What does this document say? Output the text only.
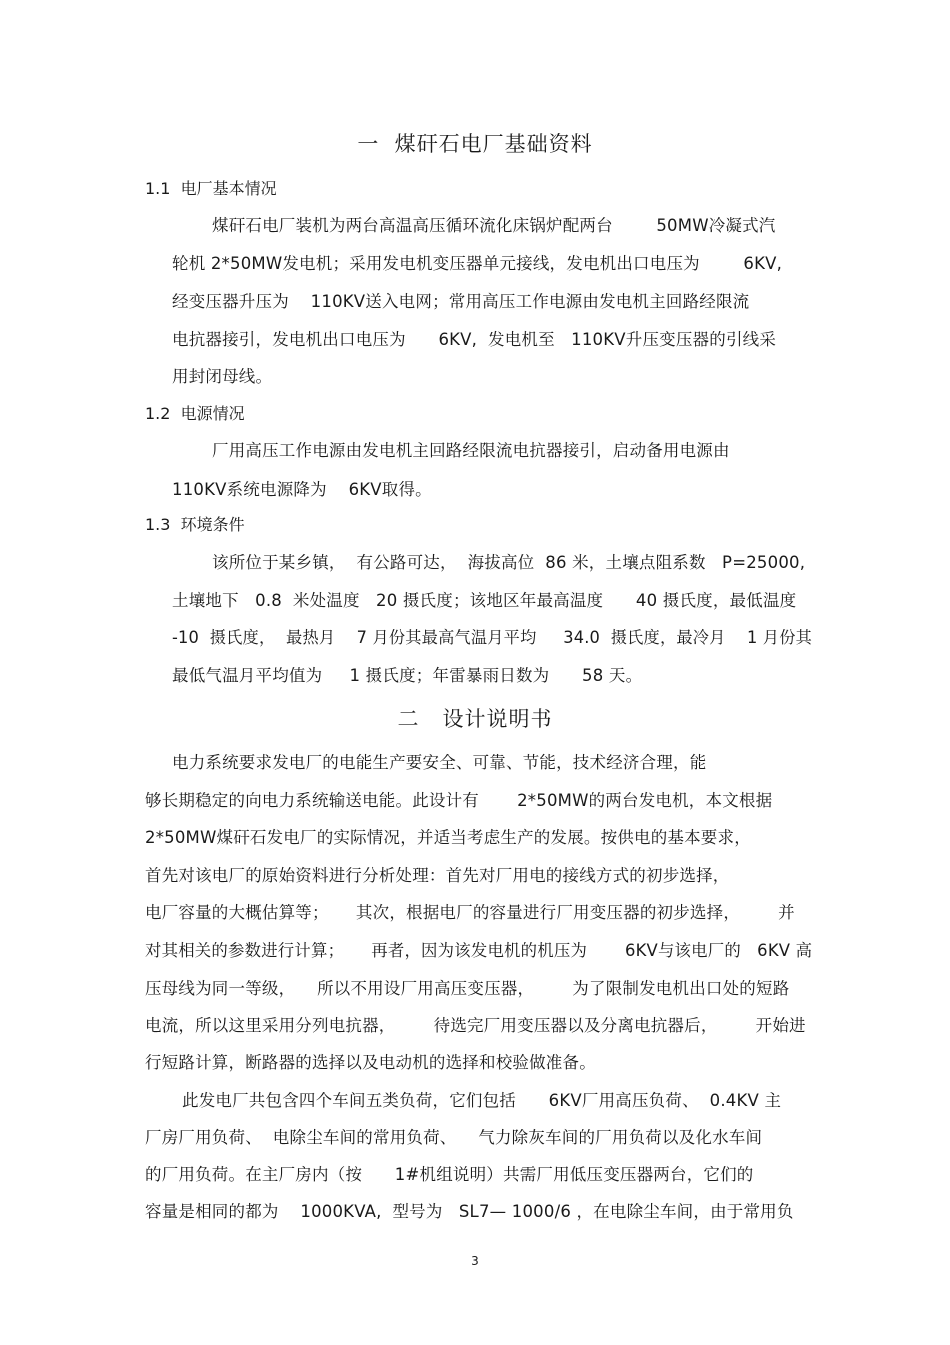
一  煤矸石电厂基础资料
1.1  电厂基本情况
煤矸石电厂装机为两台高温高压循环流化床锅炉配两台        50MW冷凝式汽
轮机 2*50MW发电机；采用发电机变压器单元接线，发电机出口电压为        6KV,
经变压器升压为    110KV送入电网；常用高压工作电源由发电机主回路经限流
电抗器接引，发电机出口电压为      6KV,  发电机至   110KV升压变压器的引线采
用封闭母线。
1.2  电源情况
厂用高压工作电源由发电机主回路经限流电抗器接引，启动备用电源由
110KV系统电源降为    6KV取得。
1.3  环境条件
该所位于某乡镇，  有公路可达，  海拔高位  86 米，土壤点阻系数   P=25000,
土壤地下   0.8  米处温度   20 摄氏度；该地区年最高温度      40 摄氏度，最低温度
-10  摄氏度，  最热月    7 月份其最高气温月平均     34.0  摄氏度，最冷月    1 月份其
最低气温月平均值为     1 摄氏度；年雷暴雨日数为      58 天。
二   设计说明书
电力系统要求发电厂的电能生产要安全、可靠、节能，技术经济合理，能
够长期稳定的向电力系统输送电能。此设计有       2*50MW的两台发电机，本文根据
2*50MW煤矸石发电厂的实际情况，并适当考虑生产的发展。按供电的基本要求，
首先对该电厂的原始资料进行分析处理：首先对厂用电的接线方式的初步选择，
电厂容量的大概估算等；     其次，根据电厂的容量进行厂用变压器的初步选择，       并
对其相关的参数进行计算；     再者，因为该发电机的机压为       6KV与该电厂的   6KV 高
压母线为同一等级，    所以不用设厂用高压变压器，       为了限制发电机出口处的短路
电流，所以这里采用分列电抗器，       待选完厂用变压器以及分离电抗器后，       开始进
行短路计算，断路器的选择以及电动机的选择和校验做准备。
此发电厂共包含四个车间五类负荷，它们包括      6KV厂用高压负荷、  0.4KV 主
厂房厂用负荷、  电除尘车间的常用负荷、    气力除灰车间的厂用负荷以及化水车间
的厂用负荷。在主厂房内（按      1#机组说明）共需厂用低压变压器两台，它们的
容量是相同的都为    1000KVA,  型号为   SL7— 1000/6 ，在电除尘车间，由于常用负
3
